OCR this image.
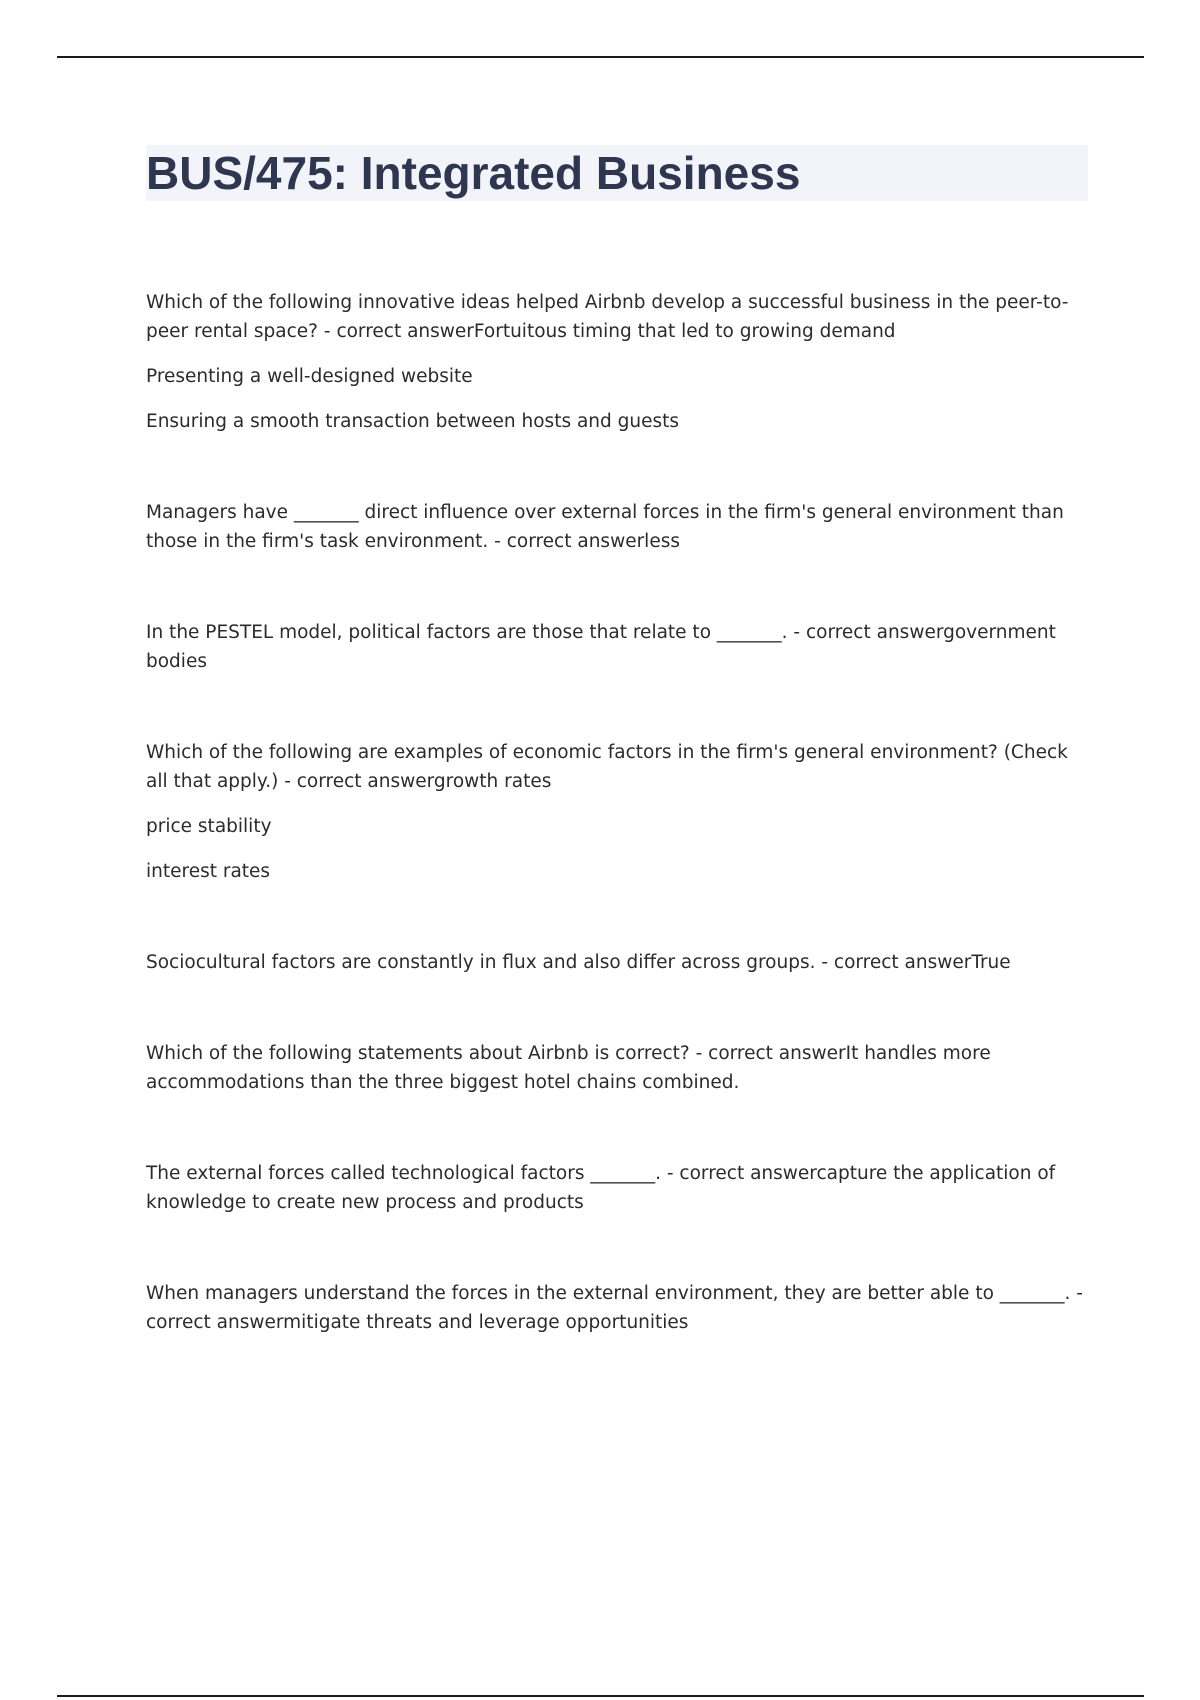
BUS/475: Integrated Business

Which of the following innovative ideas helped Airbnb develop a successful business in the peer-to-peer rental space? - correct answerFortuitous timing that led to growing demand

Presenting a well-designed website

Ensuring a smooth transaction between hosts and guests

Managers have _______ direct influence over external forces in the firm's general environment than those in the firm's task environment. - correct answerless

In the PESTEL model, political factors are those that relate to _______. - correct answergovernment bodies

Which of the following are examples of economic factors in the firm's general environment? (Check all that apply.) - correct answergrowth rates

price stability

interest rates

Sociocultural factors are constantly in flux and also differ across groups. - correct answerTrue

Which of the following statements about Airbnb is correct? - correct answerIt handles more accommodations than the three biggest hotel chains combined.

The external forces called technological factors _______. - correct answercapture the application of knowledge to create new process and products

When managers understand the forces in the external environment, they are better able to _______. - correct answermitigate threats and leverage opportunities
